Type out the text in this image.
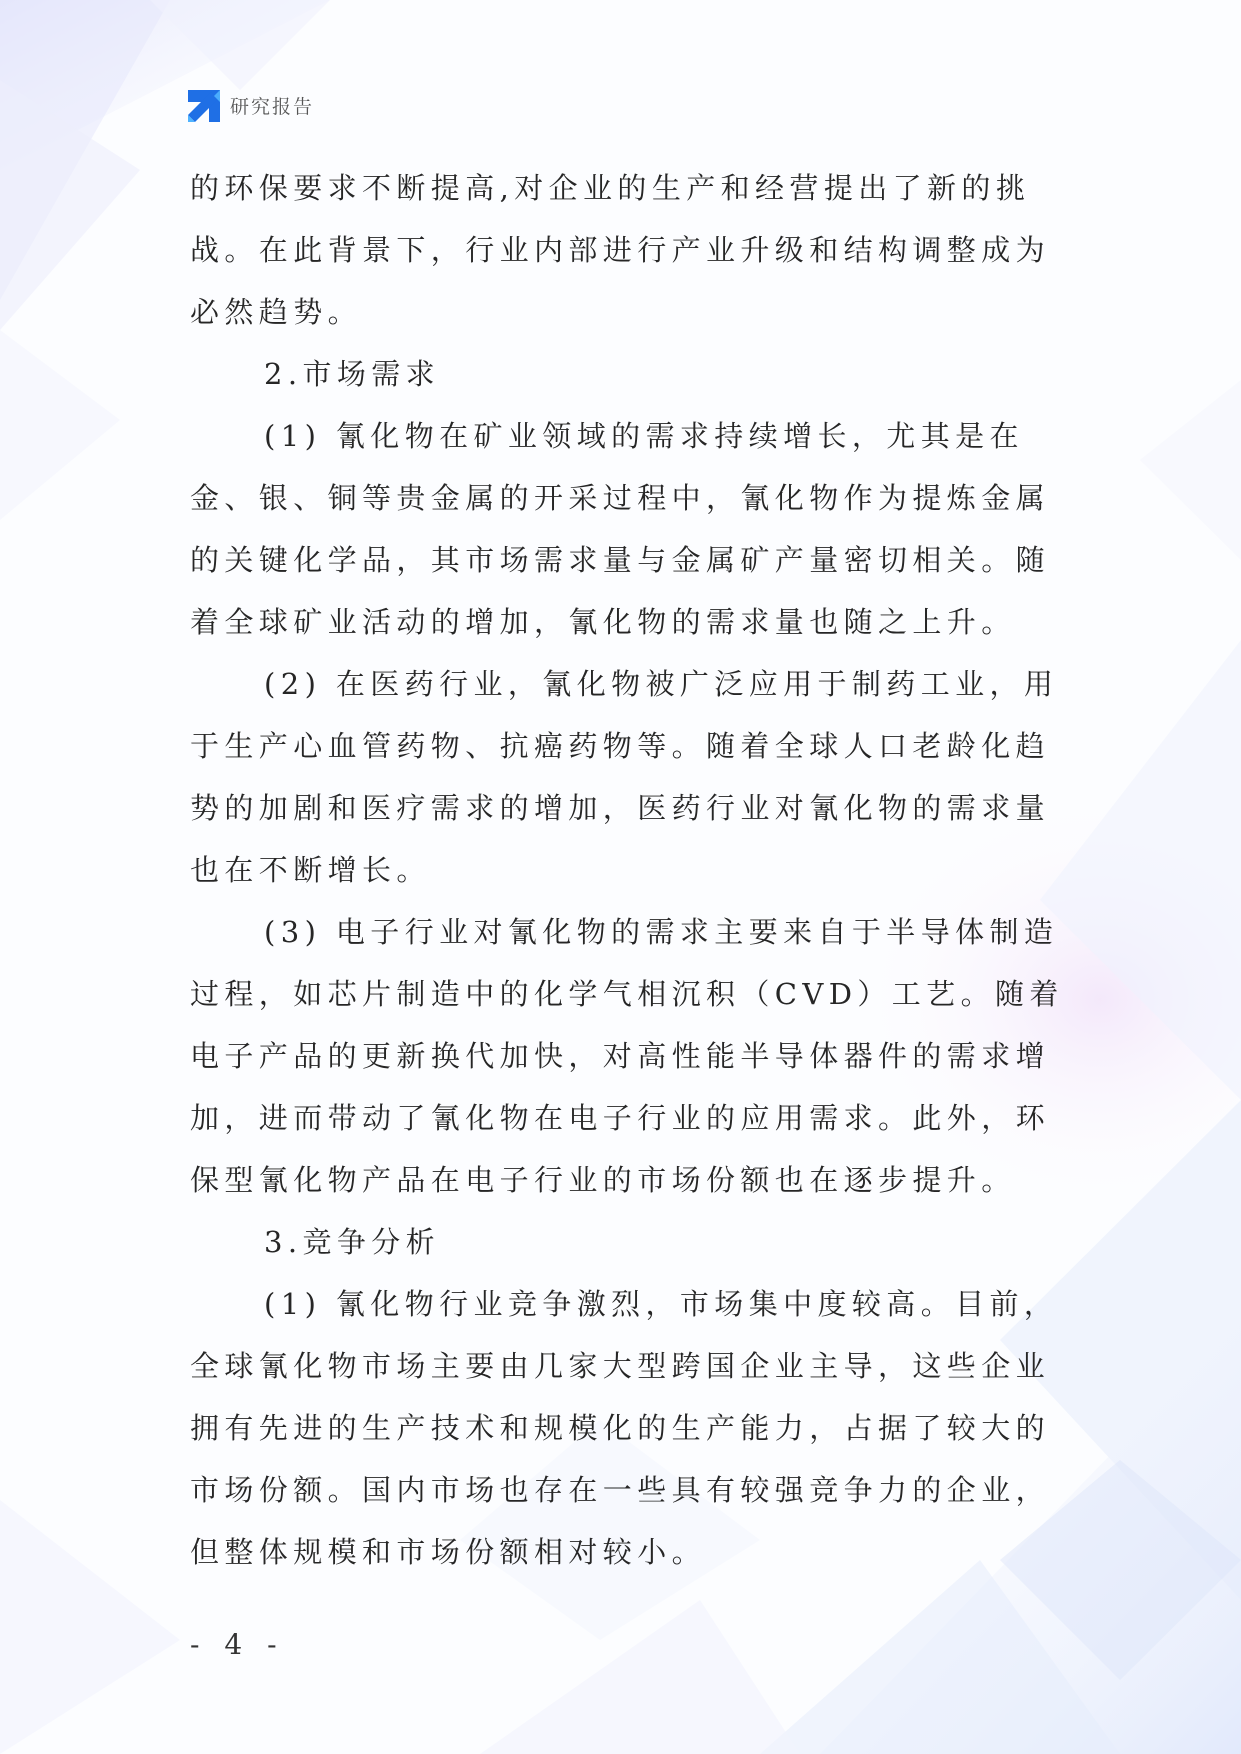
研究报告

的环保要求不断提高,对企业的生产和经营提出了新的挑战。在此背景下，行业内部进行产业升级和结构调整成为必然趋势。

2.市场需求

(1) 氰化物在矿业领域的需求持续增长，尤其是在金、银、铜等贵金属的开采过程中，氰化物作为提炼金属的关键化学品，其市场需求量与金属矿产量密切相关。随着全球矿业活动的增加，氰化物的需求量也随之上升。

(2) 在医药行业，氰化物被广泛应用于制药工业，用于生产心血管药物、抗癌药物等。随着全球人口老龄化趋势的加剧和医疗需求的增加，医药行业对氰化物的需求量也在不断增长。

(3) 电子行业对氰化物的需求主要来自于半导体制造过程，如芯片制造中的化学气相沉积（CVD）工艺。随着电子产品的更新换代加快，对高性能半导体器件的需求增加，进而带动了氰化物在电子行业的应用需求。此外，环保型氰化物产品在电子行业的市场份额也在逐步提升。

3.竞争分析

(1) 氰化物行业竞争激烈，市场集中度较高。目前，全球氰化物市场主要由几家大型跨国企业主导，这些企业拥有先进的生产技术和规模化的生产能力，占据了较大的市场份额。国内市场也存在一些具有较强竞争力的企业，但整体规模和市场份额相对较小。

- 4 -
